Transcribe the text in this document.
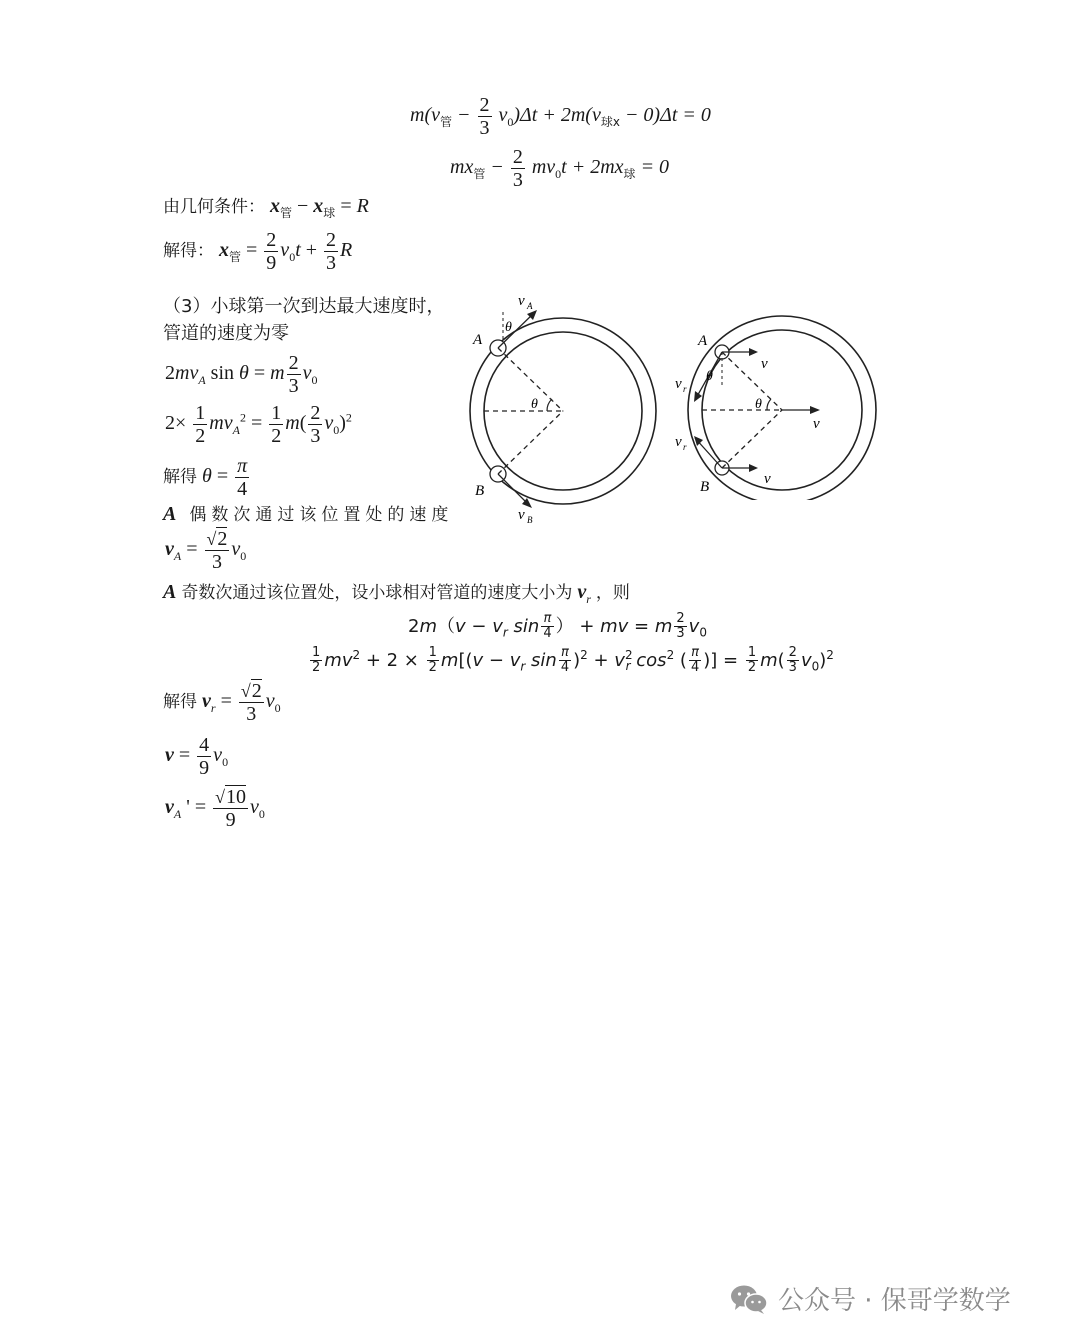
$m(v_管 - \frac{2}{3} v_0)\Delta t + 2m(v_{球x} - 0)\Delta t = 0$
$mx_管 - \frac{2}{3} mv_0t + 2mx_球 = 0$
由几何条件： $x_管 - x_球 = R$
解得： $x_管 = \frac{2}{9} v_0t + \frac{2}{3}$ R
（3）小球第一次到达最大速度时，
管道的速度为零
$2mv_A$ sin θ = m $\frac{2}{3} v_0$
$2\times \frac{1}{2} mv_A^2 = \frac{1}{2} m( \frac{2}{3} v_0)^2$
解得 $\theta = \frac{\pi}{4}$
A 偶数次通过该位置处的速度
$v_A = \frac{√2}{3} v_0$
A 奇数次通过该位置处，设小球相对管道的速度大小为 $v_r$ ，则
$2m(v - v_r$ $\sin \frac{\pi}{4}$ ） + mv = m $\frac{2}{3} v_0$
$\frac{1}{2} mv^2 + 2 \times \frac{1}{2} m[(v - v_r$ $\sin \frac{\pi}{4} )^2 + v^2_r$ $\cos^2$ ( $\frac{\pi}{4}$ )] = $\frac{1}{2} m( \frac{2}{3} v_0)^2$
解得 $v_r = \frac{√2}{3} v_0$
$v = \frac{4}{9} v_0$
$v_A$ ' = $\frac{√10}{9} v_0$
A
B
v A
v B
θ
θ
A
B
v
v
v
v r
v r
θ
θ
公众号 · 保哥学数学
